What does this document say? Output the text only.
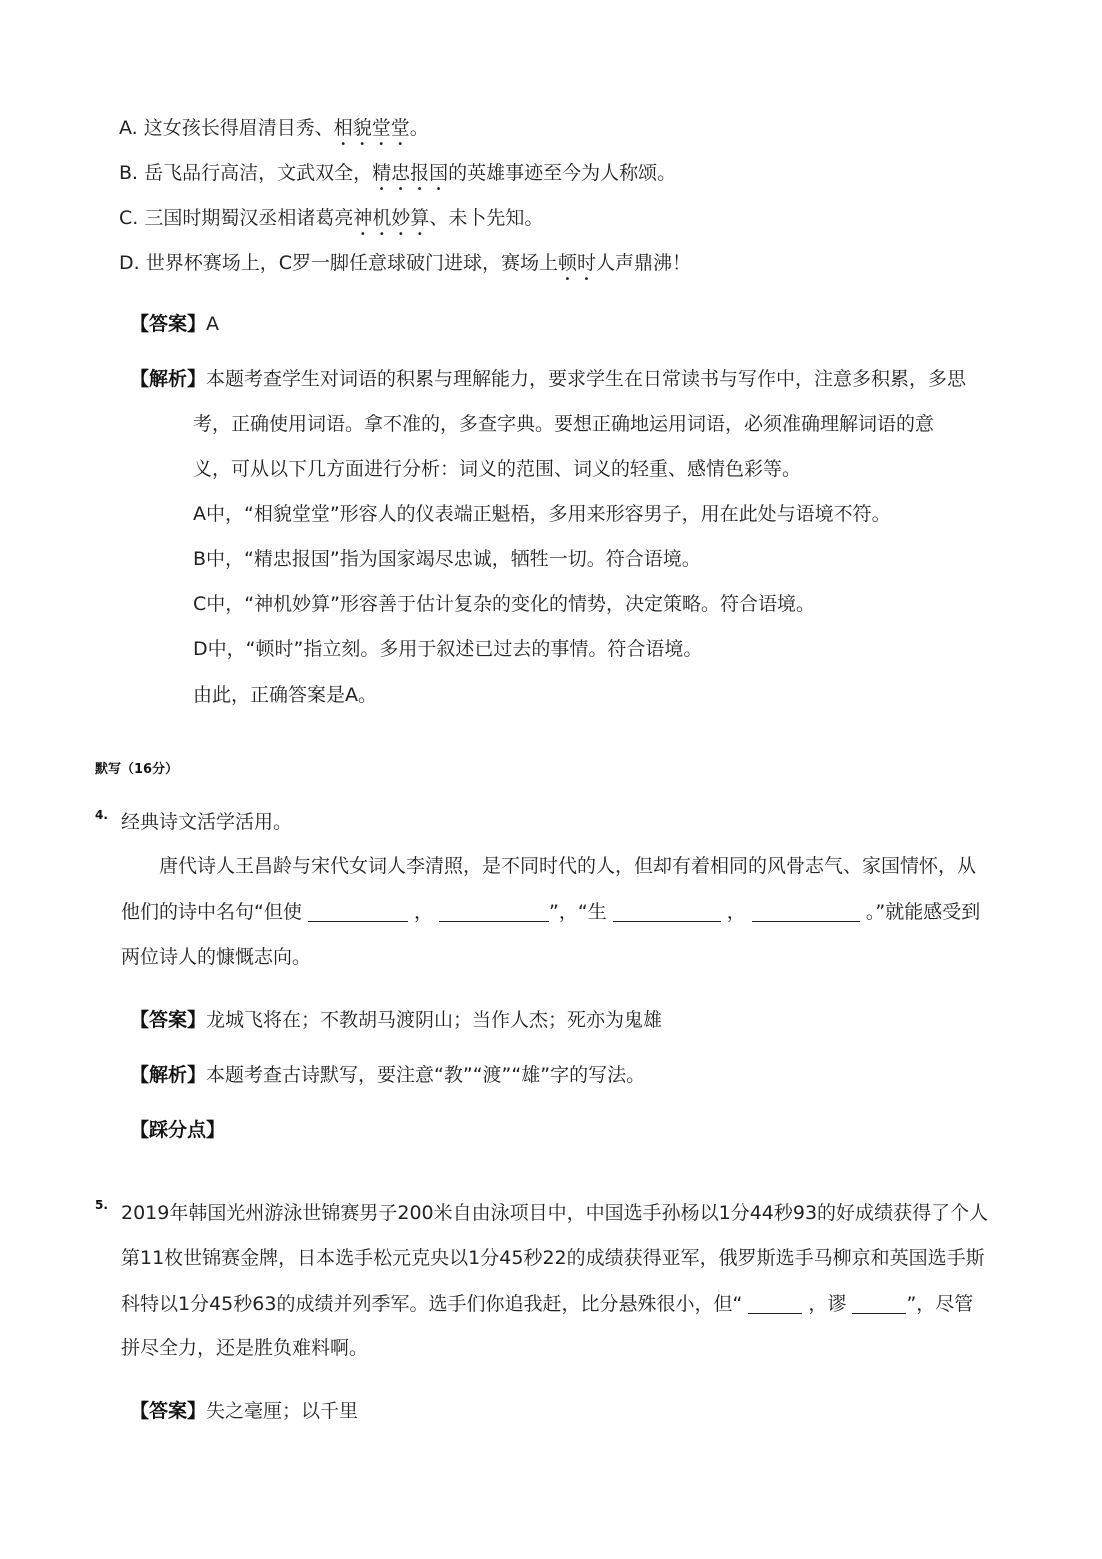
A. 这女孩长得眉清目秀、相貌堂堂。
B. 岳飞品行高洁，文武双全，精忠报国的英雄事迹至今为人称颂。
C. 三国时期蜀汉丞相诸葛亮神机妙算、未卜先知。
D. 世界杯赛场上，C罗一脚任意球破门进球，赛场上顿时人声鼎沸！
【答案】A
【解析】本题考查学生对词语的积累与理解能力，要求学生在日常读书与写作中，注意多积累，多思
考，正确使用词语。拿不准的，多查字典。要想正确地运用词语，必须准确理解词语的意
义，可从以下几方面进行分析：词义的范围、词义的轻重、感情色彩等。
A中，“相貌堂堂”形容人的仪表端正魁梧，多用来形容男子，用在此处与语境不符。
B中，“精忠报国”指为国家竭尽忠诚，牺牲一切。符合语境。
C中，“神机妙算”形容善于估计复杂的变化的情势，决定策略。符合语境。
D中，“顿时”指立刻。多用于叙述已过去的事情。符合语境。
由此，正确答案是A。
默写（16分）
4. 经典诗文活学活用。
唐代诗人王昌龄与宋代女词人李清照，是不同时代的人，但却有着相同的风骨志气、家国情怀，从
他们的诗中名句“但使	，	”，“生	，	。”就能感受到
两位诗人的慷慨志向。
【答案】龙城飞将在；不教胡马渡阴山；当作人杰；死亦为鬼雄
【解析】本题考查古诗默写，要注意“教”“渡”“雄”字的写法。
【踩分点】
5. 2019年韩国光州游泳世锦赛男子200米自由泳项目中，中国选手孙杨以1分44秒93的好成绩获得了个人
第11枚世锦赛金牌，日本选手松元克央以1分45秒22的成绩获得亚军，俄罗斯选手马柳京和英国选手斯
科特以1分45秒63的成绩并列季军。选手们你追我赶，比分悬殊很小，但“	，谬	”，尽管
拼尽全力，还是胜负难料啊。
【答案】失之毫厘；以千里
